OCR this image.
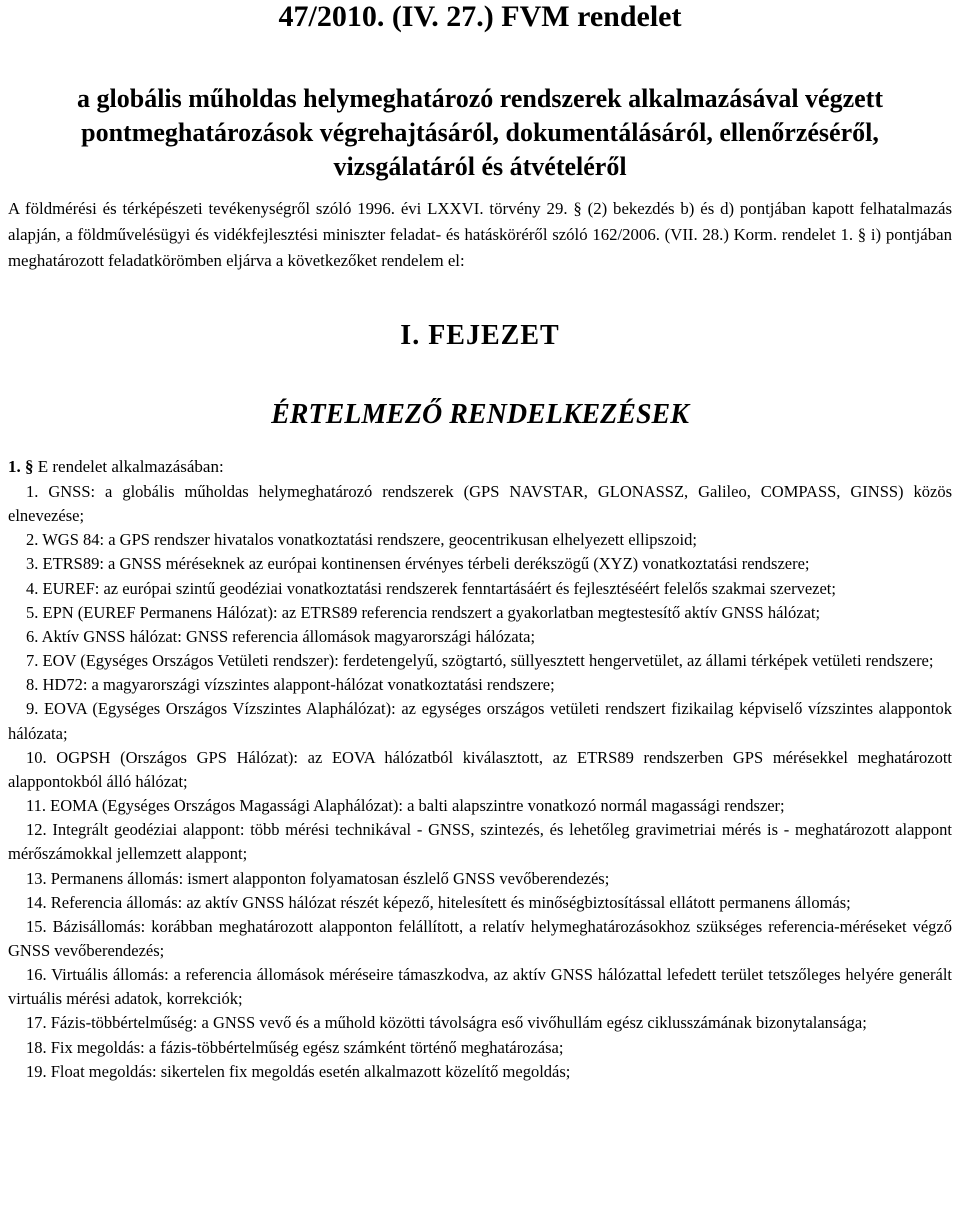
47/2010. (IV. 27.) FVM rendelet
a globális műholdas helymeghatározó rendszerek alkalmazásával végzett
pontmeghatározások végrehajtásáról, dokumentálásáról, ellenőrzéséről,
vizsgálatáról és átvételéről

A földmérési és térképészeti tevékenységről szóló 1996. évi LXXVI. törvény 29. § (2) bekezdés b) és d) pontjában kapott felhatalmazás alapján, a földművelésügyi és vidékfejlesztési miniszter feladat- és hatásköréről szóló 162/2006. (VII. 28.) Korm. rendelet 1. § i) pontjában meghatározott feladatkörömben eljárva a következőket rendelem el:

I. FEJEZET
ÉRTELMEZŐ RENDELKEZÉSEK
1. § E rendelet alkalmazásában:
1. GNSS: a globális műholdas helymeghatározó rendszerek (GPS NAVSTAR, GLONASSZ, Galileo, COMPASS, GINSS) közös elnevezése;
2. WGS 84: a GPS rendszer hivatalos vonatkoztatási rendszere, geocentrikusan elhelyezett ellipszoid;
3. ETRS89: a GNSS méréseknek az európai kontinensen érvényes térbeli derékszögű (XYZ) vonatkoztatási rendszere;
4. EUREF: az európai szintű geodéziai vonatkoztatási rendszerek fenntartásáért és fejlesztéséért felelős szakmai szervezet;
5. EPN (EUREF Permanens Hálózat): az ETRS89 referencia rendszert a gyakorlatban megtestesítő aktív GNSS hálózat;
6. Aktív GNSS hálózat: GNSS referencia állomások magyarországi hálózata;
7. EOV (Egységes Országos Vetületi rendszer): ferdetengelyű, szögtartó, süllyesztett hengervetület, az állami térképek vetületi rendszere;
8. HD72: a magyarországi vízszintes alappont-hálózat vonatkoztatási rendszere;
9. EOVA (Egységes Országos Vízszintes Alaphálózat): az egységes országos vetületi rendszert fizikailag képviselő vízszintes alappontok hálózata;
10. OGPSH (Országos GPS Hálózat): az EOVA hálózatból kiválasztott, az ETRS89 rendszerben GPS mérésekkel meghatározott alappontokból álló hálózat;
11. EOMA (Egységes Országos Magassági Alaphálózat): a balti alapszintre vonatkozó normál magassági rendszer;
12. Integrált geodéziai alappont: több mérési technikával - GNSS, szintezés, és lehetőleg gravimetriai mérés is - meghatározott alappont mérőszámokkal jellemzett alappont;
13. Permanens állomás: ismert alapponton folyamatosan észlelő GNSS vevőberendezés;
14. Referencia állomás: az aktív GNSS hálózat részét képező, hitelesített és minőségbiztosítással ellátott permanens állomás;
15. Bázisállomás: korábban meghatározott alapponton felállított, a relatív helymeghatározásokhoz szükséges referencia-méréseket végző GNSS vevőberendezés;
16. Virtuális állomás: a referencia állomások méréseire támaszkodva, az aktív GNSS hálózattal lefedett terület tetszőleges helyére generált virtuális mérési adatok, korrekciók;
17. Fázis-többértelműség: a GNSS vevő és a műhold közötti távolságra eső vivőhullám egész ciklusszámának bizonytalansága;
18. Fix megoldás: a fázis-többértelműség egész számként történő meghatározása;
19. Float megoldás: sikertelen fix megoldás esetén alkalmazott közelítő megoldás;
